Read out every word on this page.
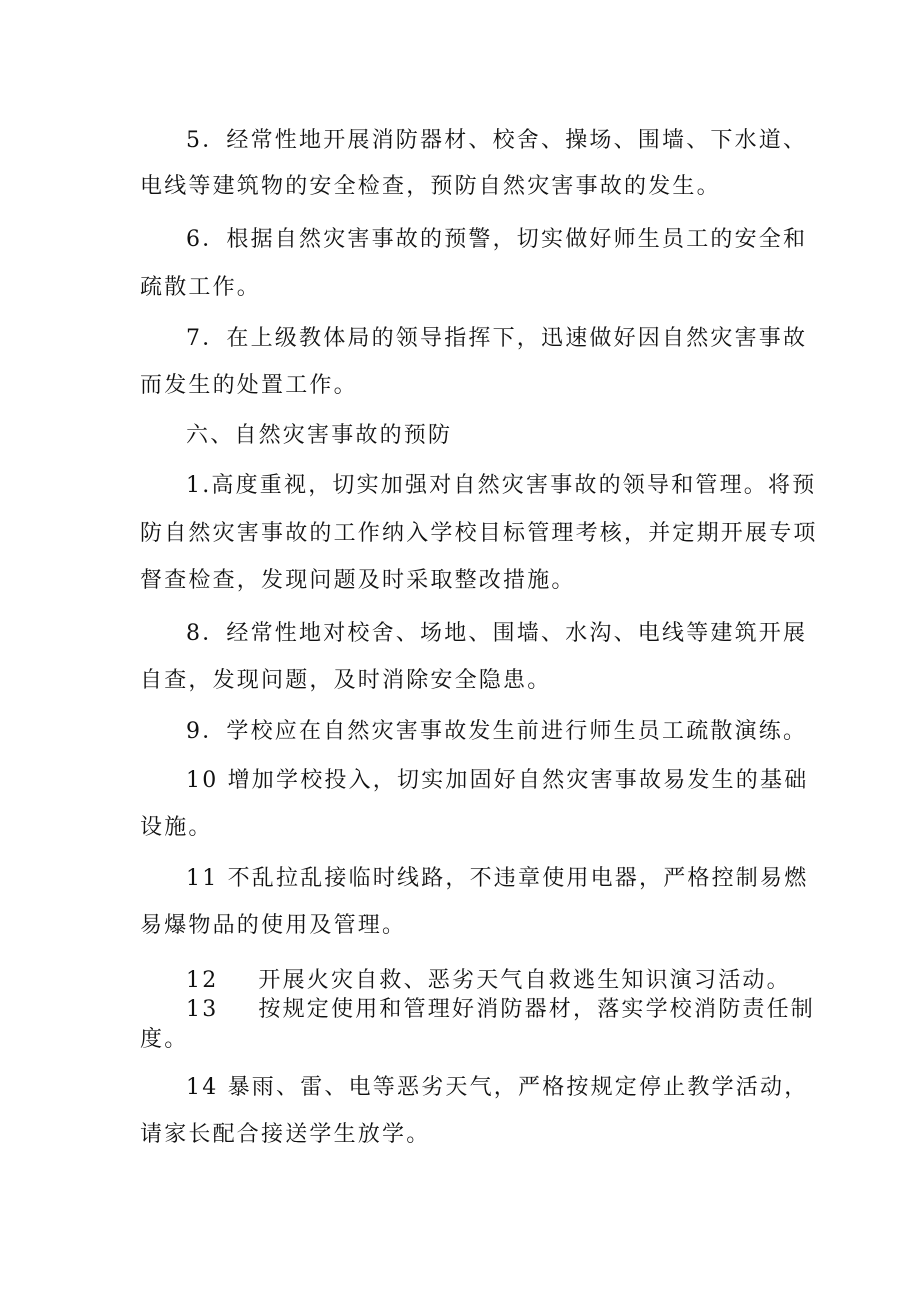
5．经常性地开展消防器材、校舍、操场、围墙、下水道、
电线等建筑物的安全检查，预防自然灾害事故的发生。
6．根据自然灾害事故的预警，切实做好师生员工的安全和
疏散工作。
7．在上级教体局的领导指挥下，迅速做好因自然灾害事故
而发生的处置工作。
六、自然灾害事故的预防
1.高度重视，切实加强对自然灾害事故的领导和管理。将预
防自然灾害事故的工作纳入学校目标管理考核，并定期开展专项
督查检查，发现问题及时采取整改措施。
8．经常性地对校舍、场地、围墙、水沟、电线等建筑开展
自查，发现问题，及时消除安全隐患。
9．学校应在自然灾害事故发生前进行师生员工疏散演练。
10 增加学校投入，切实加固好自然灾害事故易发生的基础
设施。
11 不乱拉乱接临时线路，不违章使用电器，严格控制易燃
易爆物品的使用及管理。
12 开展火灾自救、恶劣天气自救逃生知识演习活动。
13 按规定使用和管理好消防器材，落实学校消防责任制
度。
14 暴雨、雷、电等恶劣天气，严格按规定停止教学活动，
请家长配合接送学生放学。
